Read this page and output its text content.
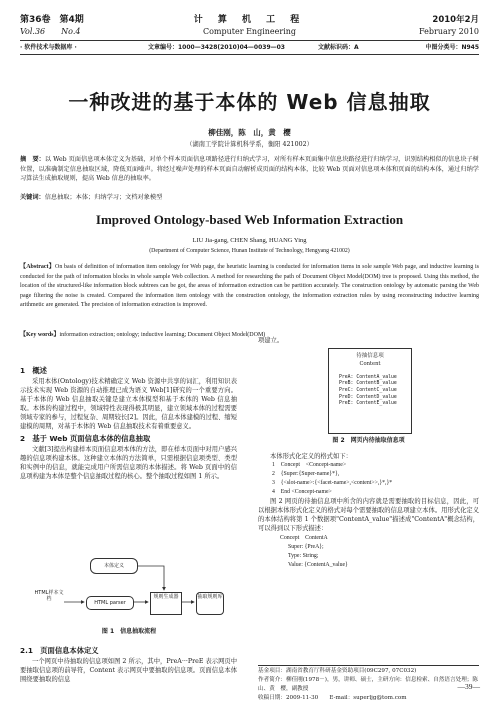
第36卷　第4期
Vol.36　　No.4
计 算 机 工 程
Computer Engineering
2010年2月
February 2010
· 软件技术与数据库 ·	文章编号：1000—3428(2010)04—0039—03	文献标识码：A	中图分类号：N945
一种改进的基于本体的 Web 信息抽取
柳佳刚，陈　山，黄　樱
（湖南工学院计算机科学系，衡阳 421002）
摘　要：以 Web 页面信息项本体定义为基础，对单个样本页面信息项路径进行归纳式学习，对所有样本页面集中信息块路径进行归纳学习，识别结构相似的信息块子树位置，以准确制定信息抽取区域，降低页面噪声。将经过噪声处理的样本页面自动解析成页面的结构本体，比较 Web 页面对信息项本体和页面的结构本体，通过归纳学习算法生成抽取规则，提高 Web 信息的抽取率。
关键词：信息抽取；本体；归纳学习；文档对象模型
Improved Ontology-based Web Information Extraction
LIU Jia-gang, CHEN Shang, HUANG Ying
(Department of Computer Science, Hunan Institute of Technology, Hengyang 421002)
【Abstract】On basis of definition of information item ontology for Web page, the heuristic learning is conducted for information items in sole sample Web page, and inductive learning is conducted for the path of information blocks in whole sample Web collection. A method for researching the path of Document Object Model(DOM) tree is proposed. Using this method, the location of the structured-like information block subtrees can be got, the areas of information extraction can be partition accurately. The construction ontology by automatic parsing the Web page filtering the noise is created. Compared the information item ontology with the construction ontology, the information extraction rules by using reconstructing inductive learning arithmetic are generated. The precision of information extraction is improved.
【Key words】information extraction; ontology; inductive learning; Document Object Model(DOM)
1　概述
采用本体(Ontology)技术精确定义 Web 资源中共享的词汇，利用知识表示技术实现 Web 资源的自动推理已成为语义 Web[1]研究的一个重要方向。基于本体的 Web 信息抽取关键是建立本体模型和基于本体的 Web 信息抽取。本体的构建过程中，领域特性表现得极其明显，建立领域本体的过程需要领域专家的参与，过程复杂、周期较长[2]。因此，信息本体建模的过程、缩短建模的周期，对基于本体的 Web 信息抽取技术有着重要意义。
2　基于 Web 页面信息本体的信息抽取
文献[3]提出构建样本页面信息项本体的方法，即在样本页面中对用户感兴趣的信息项构建本体。这种建立本体的方法简单，只需根据信息项类型、类型和实例中的信息，就能完成用户所需信息项的本体描述。将 Web 页面中的信息项构建为本体是整个信息抽取过程的核心。整个抽取过程如图 1 所示。
本体定义
HTML样本文档
HTML parser
规则生成器	抽取规则库
图 1　信息抽取流程
2.1　页面信息本体定义
一个网页中待抽取的信息项如图 2 所示，其中，PreA···PreE 表示网页中要抽取信息项的前导符，Content 表示网页中要抽取的信息项。页面信息本体围绕要抽取的信息
项建立。
待抽信息项
Content
PreA: ContentA_value
PreB: ContentB_value
PreC: ContentC_value
PreD: ContentD_value
PreE: ContentE_value
图 2　网页内待抽取信息项
本体形式化定义的格式如下：
1　Concept　<Concept-name>
2　{Super:{Super-name}*},
3　{<slot-name>:{<facet-name>,<content>>,}*,}*
4　End <Concept-name>
图 2 网页的待抽信息项中所含的内容就是需要抽取的目标信息，因此，可以根据本体形式化定义的格式对每个需要抽取的信息项建立本体。用形式化定义的本体结构将第 1 个数据项"ContentA_value"描述成"ContentA"概念结构，可以得到以下形式描述：
Concept　ContentA
Super: {PreA};
Type: String;
Value: {ContentA_value}
基金项目：湖南省教育厅科研基金资助项目(09C297, 07C032)
作者简介：柳佳刚(1978－)，男，讲师、硕士，主研方向：信息检索、自然语言处理；陈　山、黄　樱，副教授
收稿日期：2009-11-30　　E-mail：superljg@tom.com
—39—
